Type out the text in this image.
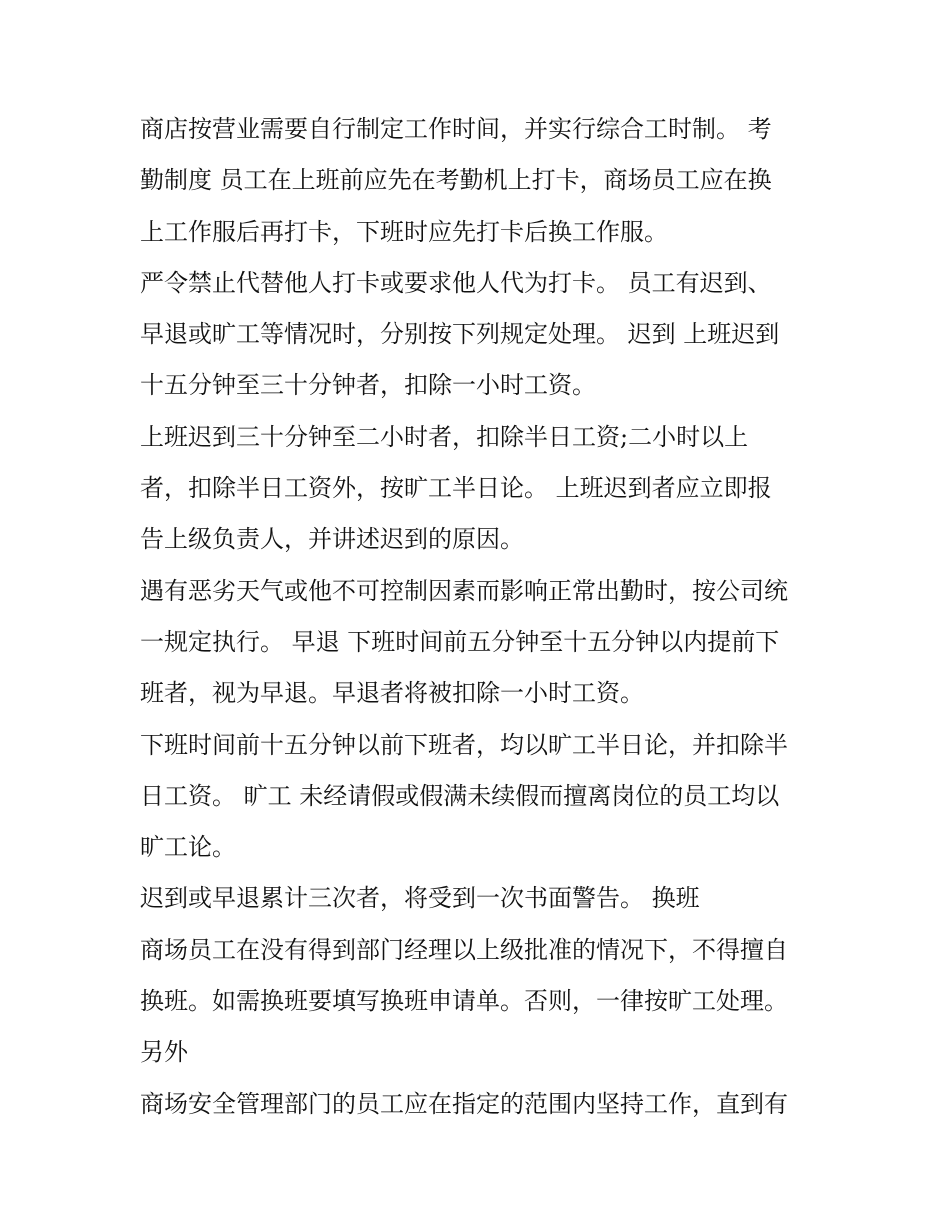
商店按营业需要自行制定工作时间，并实行综合工时制。 考
勤制度 员工在上班前应先在考勤机上打卡，商场员工应在换
上工作服后再打卡，下班时应先打卡后换工作服。
严令禁止代替他人打卡或要求他人代为打卡。 员工有迟到、
早退或旷工等情况时，分别按下列规定处理。 迟到 上班迟到
十五分钟至三十分钟者，扣除一小时工资。
上班迟到三十分钟至二小时者，扣除半日工资;二小时以上
者，扣除半日工资外，按旷工半日论。 上班迟到者应立即报
告上级负责人，并讲述迟到的原因。
遇有恶劣天气或他不可控制因素而影响正常出勤时，按公司统
一规定执行。 早退 下班时间前五分钟至十五分钟以内提前下
班者，视为早退。早退者将被扣除一小时工资。
下班时间前十五分钟以前下班者，均以旷工半日论，并扣除半
日工资。 旷工 未经请假或假满未续假而擅离岗位的员工均以
旷工论。
迟到或早退累计三次者，将受到一次书面警告。 换班
商场员工在没有得到部门经理以上级批准的情况下，不得擅自
换班。如需换班要填写换班申请单。否则，一律按旷工处理。
另外
商场安全管理部门的员工应在指定的范围内坚持工作，直到有
